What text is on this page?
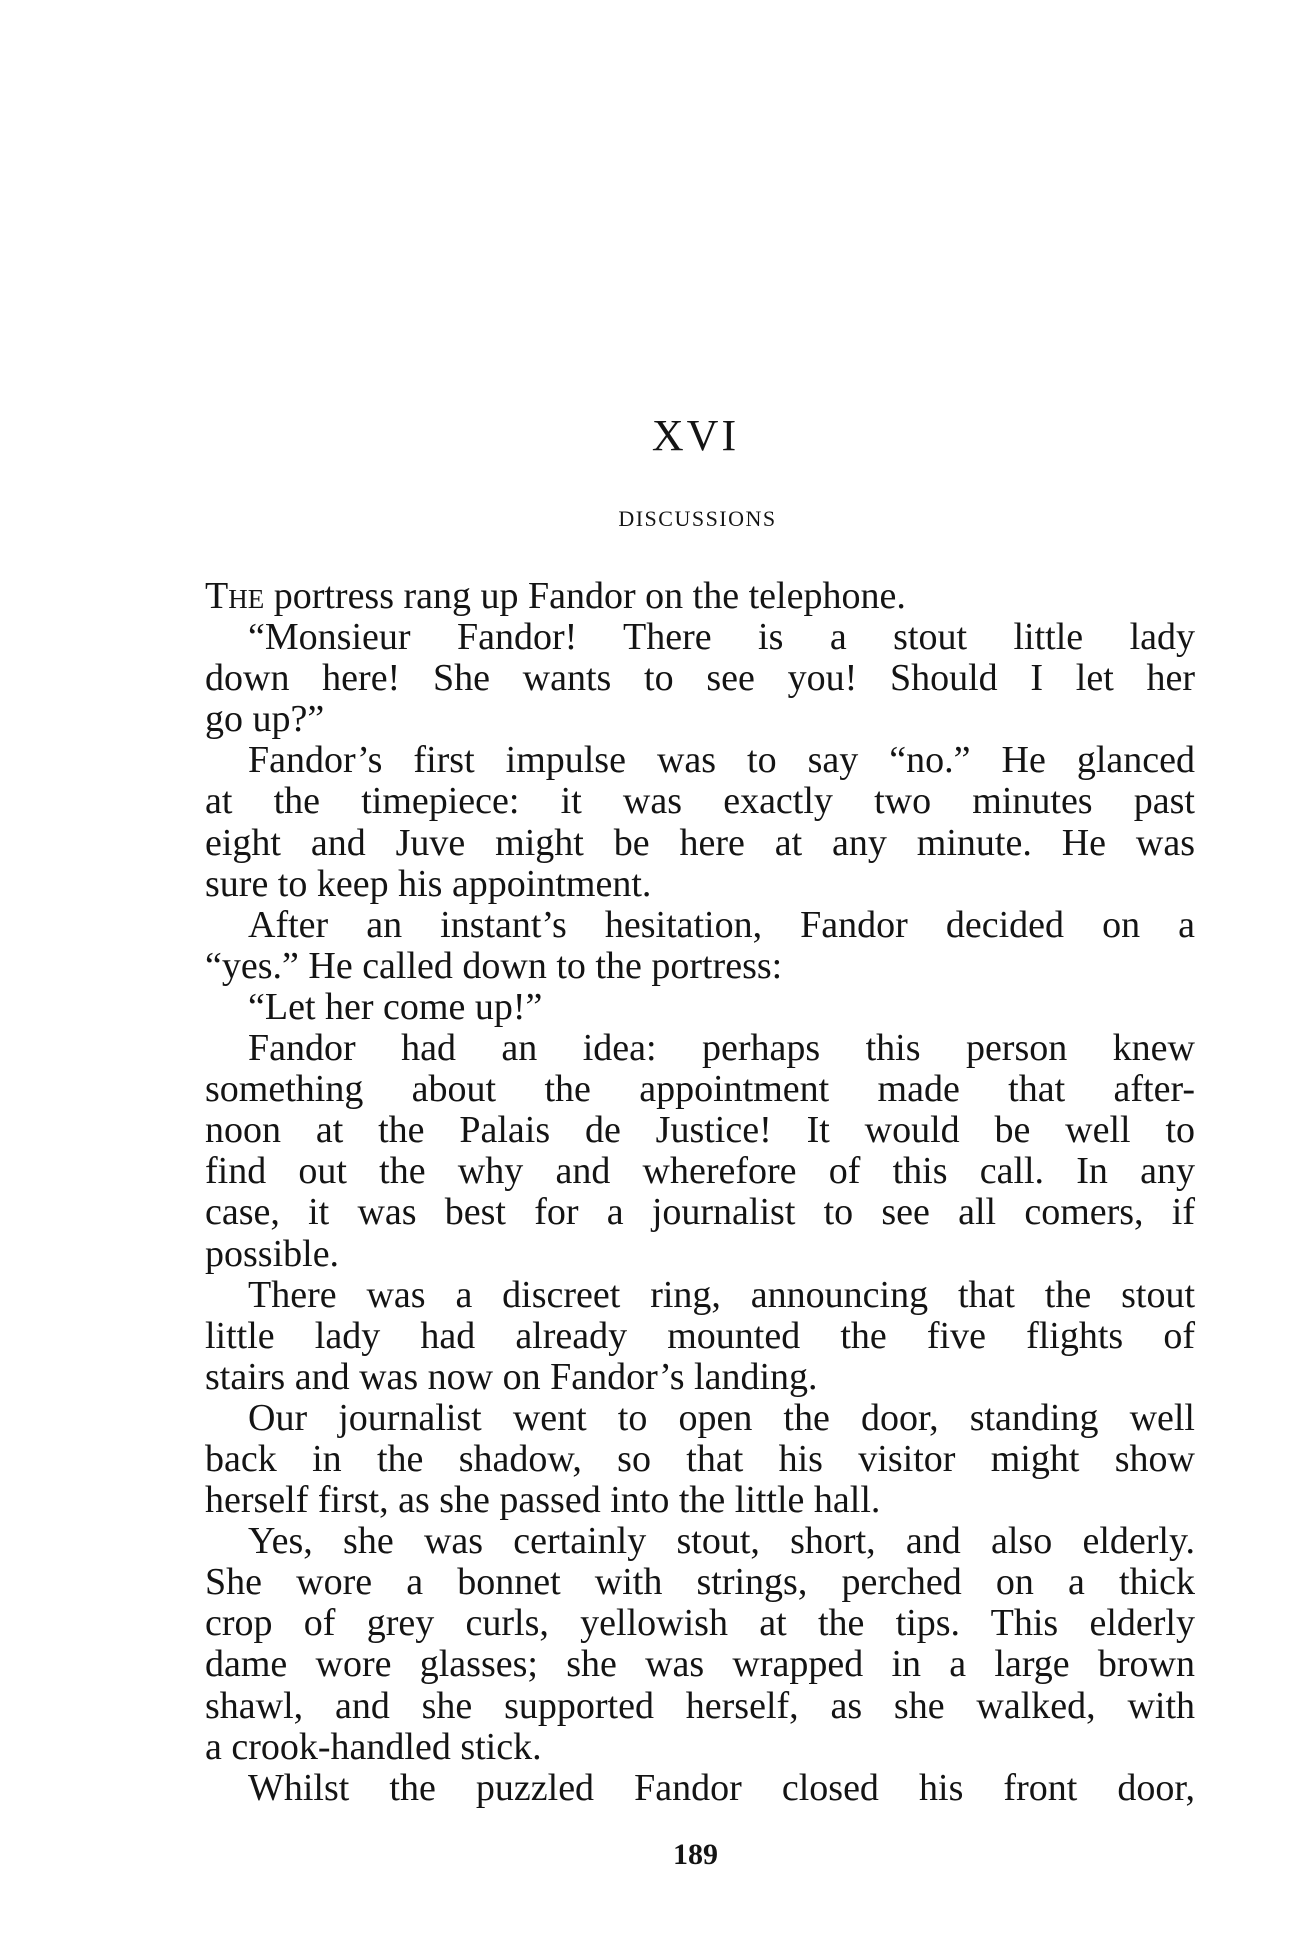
XVI
DISCUSSIONS
The portress rang up Fandor on the telephone.
“Monsieur Fandor! There is a stout little lady
down here! She wants to see you! Should I let her
go up?”
Fandor’s first impulse was to say “no.” He glanced
at the timepiece: it was exactly two minutes past
eight and Juve might be here at any minute. He was
sure to keep his appointment.
After an instant’s hesitation, Fandor decided on a
“yes.” He called down to the portress:
“Let her come up!”
Fandor had an idea: perhaps this person knew
something about the appointment made that after-
noon at the Palais de Justice! It would be well to
find out the why and wherefore of this call. In any
case, it was best for a journalist to see all comers, if
possible.
There was a discreet ring, announcing that the stout
little lady had already mounted the five flights of
stairs and was now on Fandor’s landing.
Our journalist went to open the door, standing well
back in the shadow, so that his visitor might show
herself first, as she passed into the little hall.
Yes, she was certainly stout, short, and also elderly.
She wore a bonnet with strings, perched on a thick
crop of grey curls, yellowish at the tips. This elderly
dame wore glasses; she was wrapped in a large brown
shawl, and she supported herself, as she walked, with
a crook-handled stick.
Whilst the puzzled Fandor closed his front door,
189
